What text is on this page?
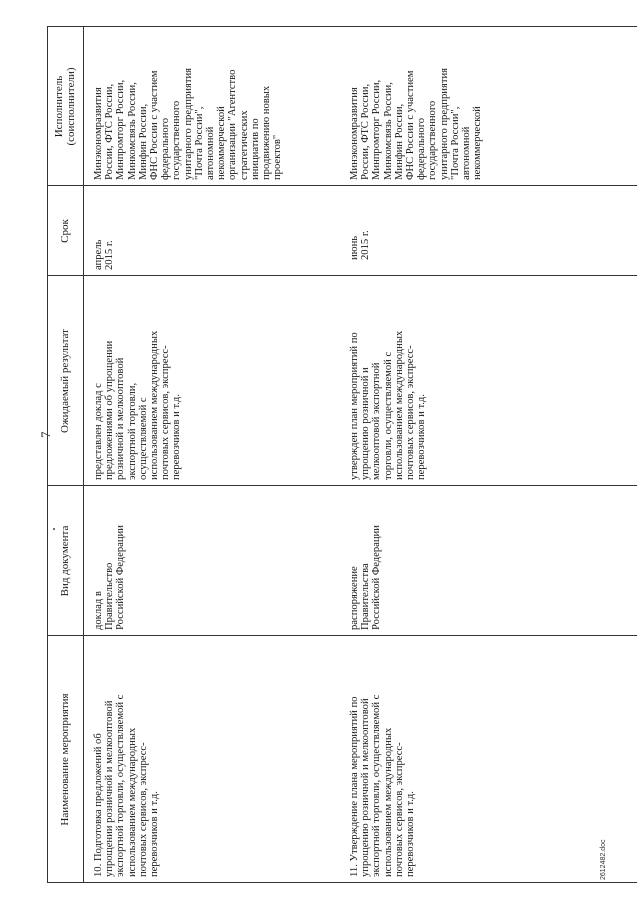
7
Наименование мероприятия
Вид документа
Ожидаемый результат
Срок
Исполнитель
(соисполнители)
10. Подготовка предложений об
упрощении розничной и мелкооптовой
экспортной торговли, осуществляемой с
использованием международных
почтовых сервисов, экспресс-
перевозчиков и т.д.
доклад в
Правительство
Российской Федерации
представлен доклад с
предложениями об упрощении
розничной и мелкооптовой
экспортной торговли,
осуществляемой с
использованием международных
почтовых сервисов, экспресс-
перевозчиков и т.д.
апрель
2015 г.
Минэкономразвития
России, ФТС России,
Минпромторг России,
Минкомсвязь России,
Минфин России,
ФНС России с участием
федерального
государственного
унитарного предприятия
"Почта России",
автономной
некоммерческой
организации "Агентство
стратегических
инициатив по
продвижению новых
проектов"
11. Утверждение плана мероприятий по
упрощению розничной и мелкооптовой
экспортной торговли, осуществляемой с
использованием международных
почтовых сервисов, экспресс-
перевозчиков и т.д.
распоряжение
Правительства
Российской Федерации
утвержден план мероприятий по
упрощению розничной и
мелкооптовой экспортной
торговли, осуществляемой с
использованием международных
почтовых сервисов, экспресс-
перевозчиков и т.д.
июнь
2015 г.
Минэкономразвития
России, ФТС России,
Минпромторг России,
Минкомсвязь России,
Минфин России,
ФНС России с участием
федерального
государственного
унитарного предприятия
"Почта России",
автономной
некоммерческой
2612482.doc
